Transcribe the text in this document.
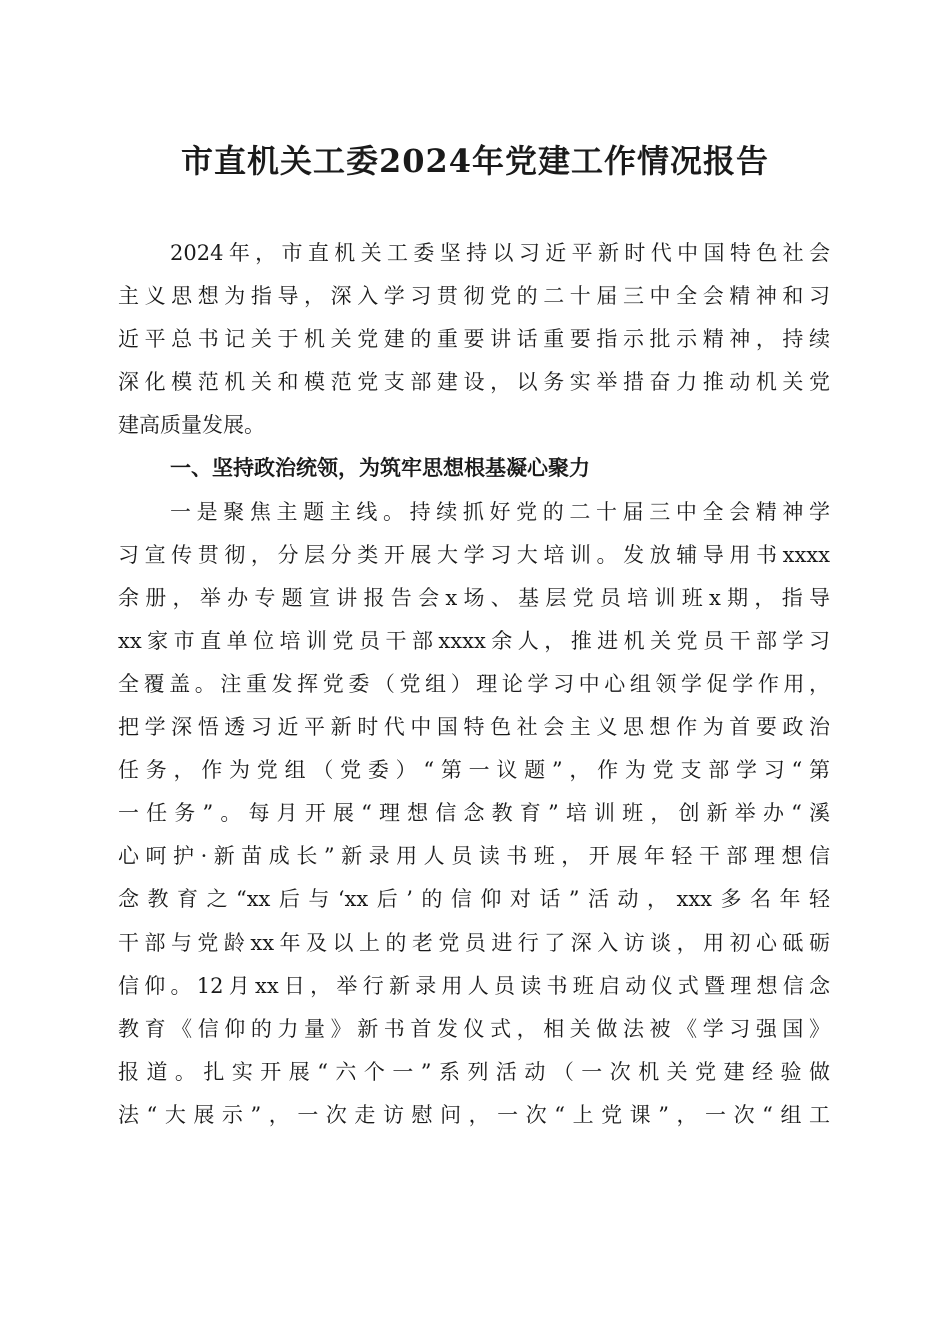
市直机关工委2024年党建工作情况报告
2024年，市直机关工委坚持以习近平新时代中国特色社会
主义思想为指导，深入学习贯彻党的二十届三中全会精神和习
近平总书记关于机关党建的重要讲话重要指示批示精神，持续
深化模范机关和模范党支部建设，以务实举措奋力推动机关党
建高质量发展。
一、坚持政治统领，为筑牢思想根基凝心聚力
一是聚焦主题主线。持续抓好党的二十届三中全会精神学
习宣传贯彻，分层分类开展大学习大培训。发放辅导用书xxxx
余册，举办专题宣讲报告会x场、基层党员培训班x期，指导
xx家市直单位培训党员干部xxxx余人，推进机关党员干部学习
全覆盖。注重发挥党委（党组）理论学习中心组领学促学作用，
把学深悟透习近平新时代中国特色社会主义思想作为首要政治
任务，作为党组（党委）“第一议题”，作为党支部学习“第
一任务”。每月开展“理想信念教育”培训班，创新举办“溪
心呵护·新苗成长”新录用人员读书班，开展年轻干部理想信
念教育之“xx后与‘xx后’的信仰对话”活动，xxx多名年轻
干部与党龄xx年及以上的老党员进行了深入访谈，用初心砥砺
信仰。12月xx日，举行新录用人员读书班启动仪式暨理想信念
教育《信仰的力量》新书首发仪式，相关做法被《学习强国》
报道。扎实开展“六个一”系列活动（一次机关党建经验做
法“大展示”，一次走访慰问，一次“上党课”，一次“组工
